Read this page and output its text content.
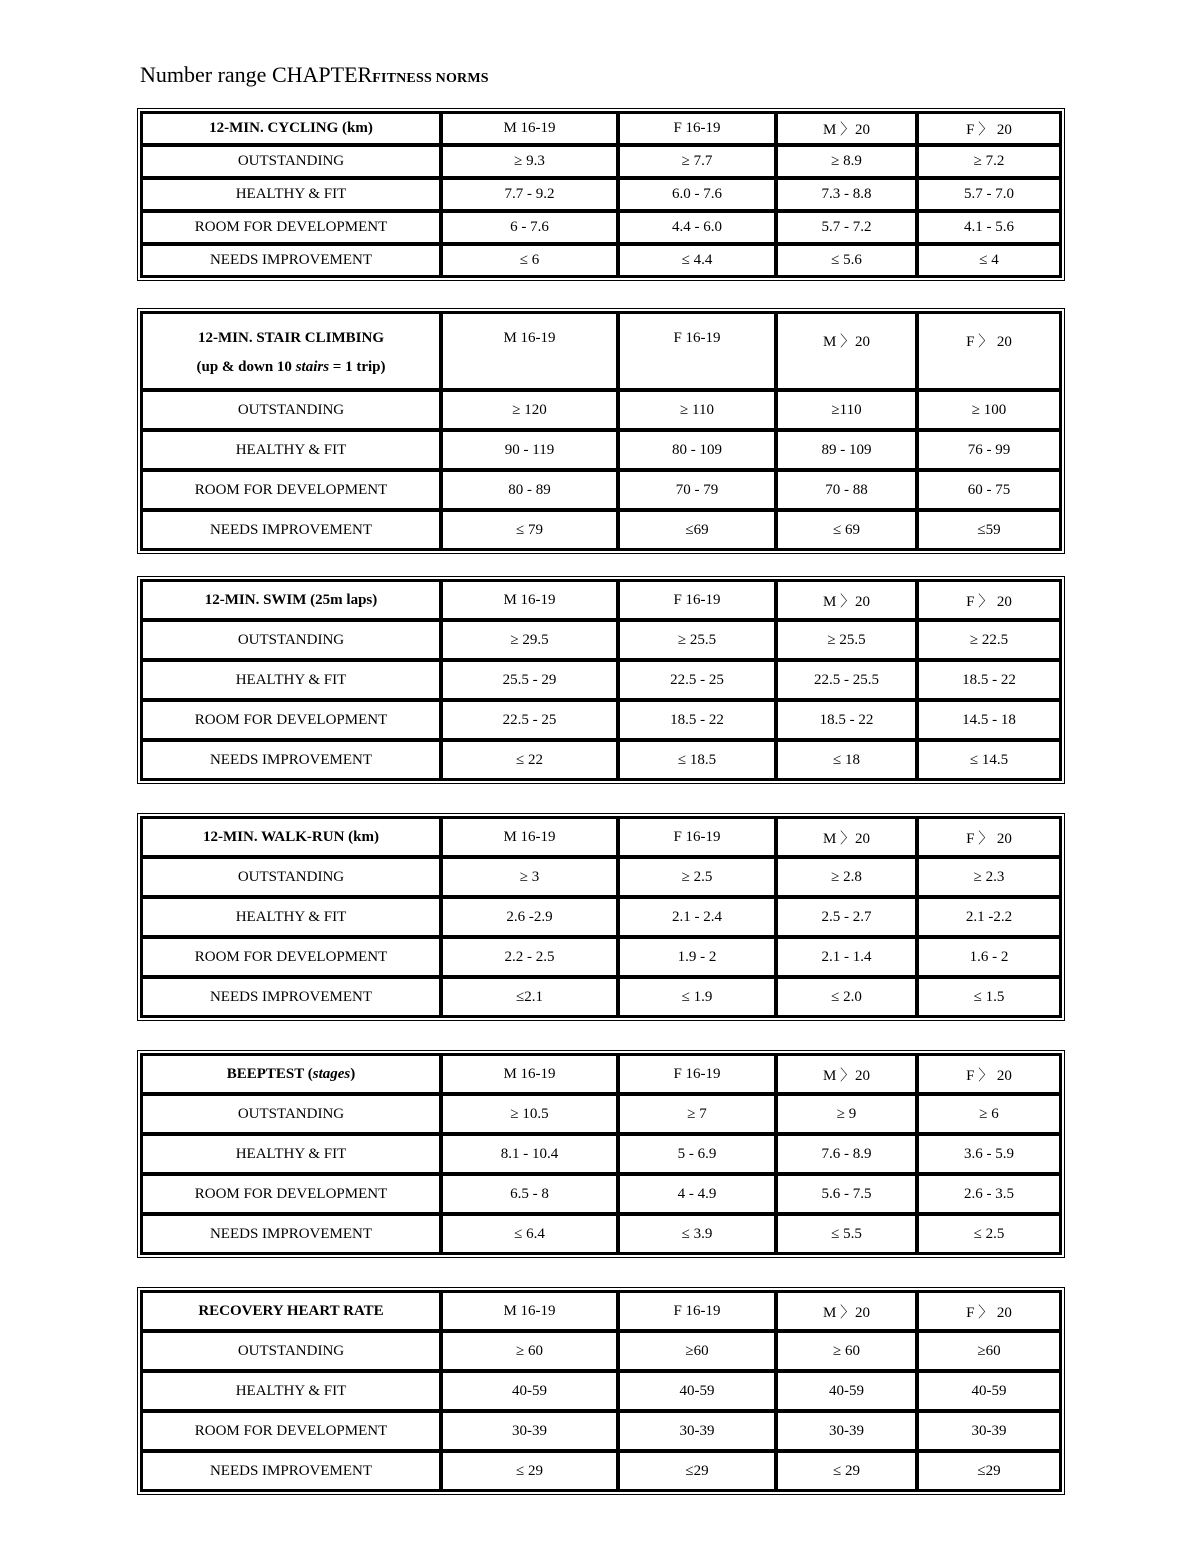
Number range CHAPTERFITNESS NORMS
12-MIN. CYCLING (km)	M 16-19	F 16-19	M 〉20	F 〉 20
OUTSTANDING	≥ 9.3	≥ 7.7	≥ 8.9	≥ 7.2
HEALTHY & FIT	7.7 - 9.2	6.0 - 7.6	7.3 - 8.8	5.7 - 7.0
ROOM FOR DEVELOPMENT	6 - 7.6	4.4 - 6.0	5.7 - 7.2	4.1 - 5.6
NEEDS IMPROVEMENT	≤ 6	≤ 4.4	≤ 5.6	≤ 4
12-MIN. STAIR CLIMBING
(up & down 10 stairs = 1 trip)	M 16-19	F 16-19	M 〉20	F 〉 20
OUTSTANDING	≥ 120	≥ 110	≥110	≥ 100
HEALTHY & FIT	90 - 119	80 - 109	89 - 109	76 - 99
ROOM FOR DEVELOPMENT	80 - 89	70 - 79	70 - 88	60 - 75
NEEDS IMPROVEMENT	≤ 79	≤69	≤ 69	≤59
12-MIN. SWIM (25m laps)	M 16-19	F 16-19	M 〉20	F 〉 20
OUTSTANDING	≥ 29.5	≥ 25.5	≥ 25.5	≥ 22.5
HEALTHY & FIT	25.5 - 29	22.5 - 25	22.5 - 25.5	18.5 - 22
ROOM FOR DEVELOPMENT	22.5 - 25	18.5 - 22	18.5 - 22	14.5 - 18
NEEDS IMPROVEMENT	≤ 22	≤ 18.5	≤ 18	≤ 14.5
12-MIN. WALK-RUN (km)	M 16-19	F 16-19	M 〉20	F 〉 20
OUTSTANDING	≥ 3	≥ 2.5	≥ 2.8	≥ 2.3
HEALTHY & FIT	2.6 -2.9	2.1 - 2.4	2.5 - 2.7	2.1 -2.2
ROOM FOR DEVELOPMENT	2.2 - 2.5	1.9 - 2	2.1 - 1.4	1.6 - 2
NEEDS IMPROVEMENT	≤2.1	≤ 1.9	≤ 2.0	≤ 1.5
BEEPTEST (stages)	M 16-19	F 16-19	M 〉20	F 〉 20
OUTSTANDING	≥ 10.5	≥ 7	≥ 9	≥ 6
HEALTHY & FIT	8.1 - 10.4	5 - 6.9	7.6 - 8.9	3.6 - 5.9
ROOM FOR DEVELOPMENT	6.5 - 8	4 - 4.9	5.6 - 7.5	2.6 - 3.5
NEEDS IMPROVEMENT	≤ 6.4	≤ 3.9	≤ 5.5	≤ 2.5
RECOVERY HEART RATE	M 16-19	F 16-19	M 〉20	F 〉 20
OUTSTANDING	≥ 60	≥60	≥ 60	≥60
HEALTHY & FIT	40-59	40-59	40-59	40-59
ROOM FOR DEVELOPMENT	30-39	30-39	30-39	30-39
NEEDS IMPROVEMENT	≤ 29	≤29	≤ 29	≤29
